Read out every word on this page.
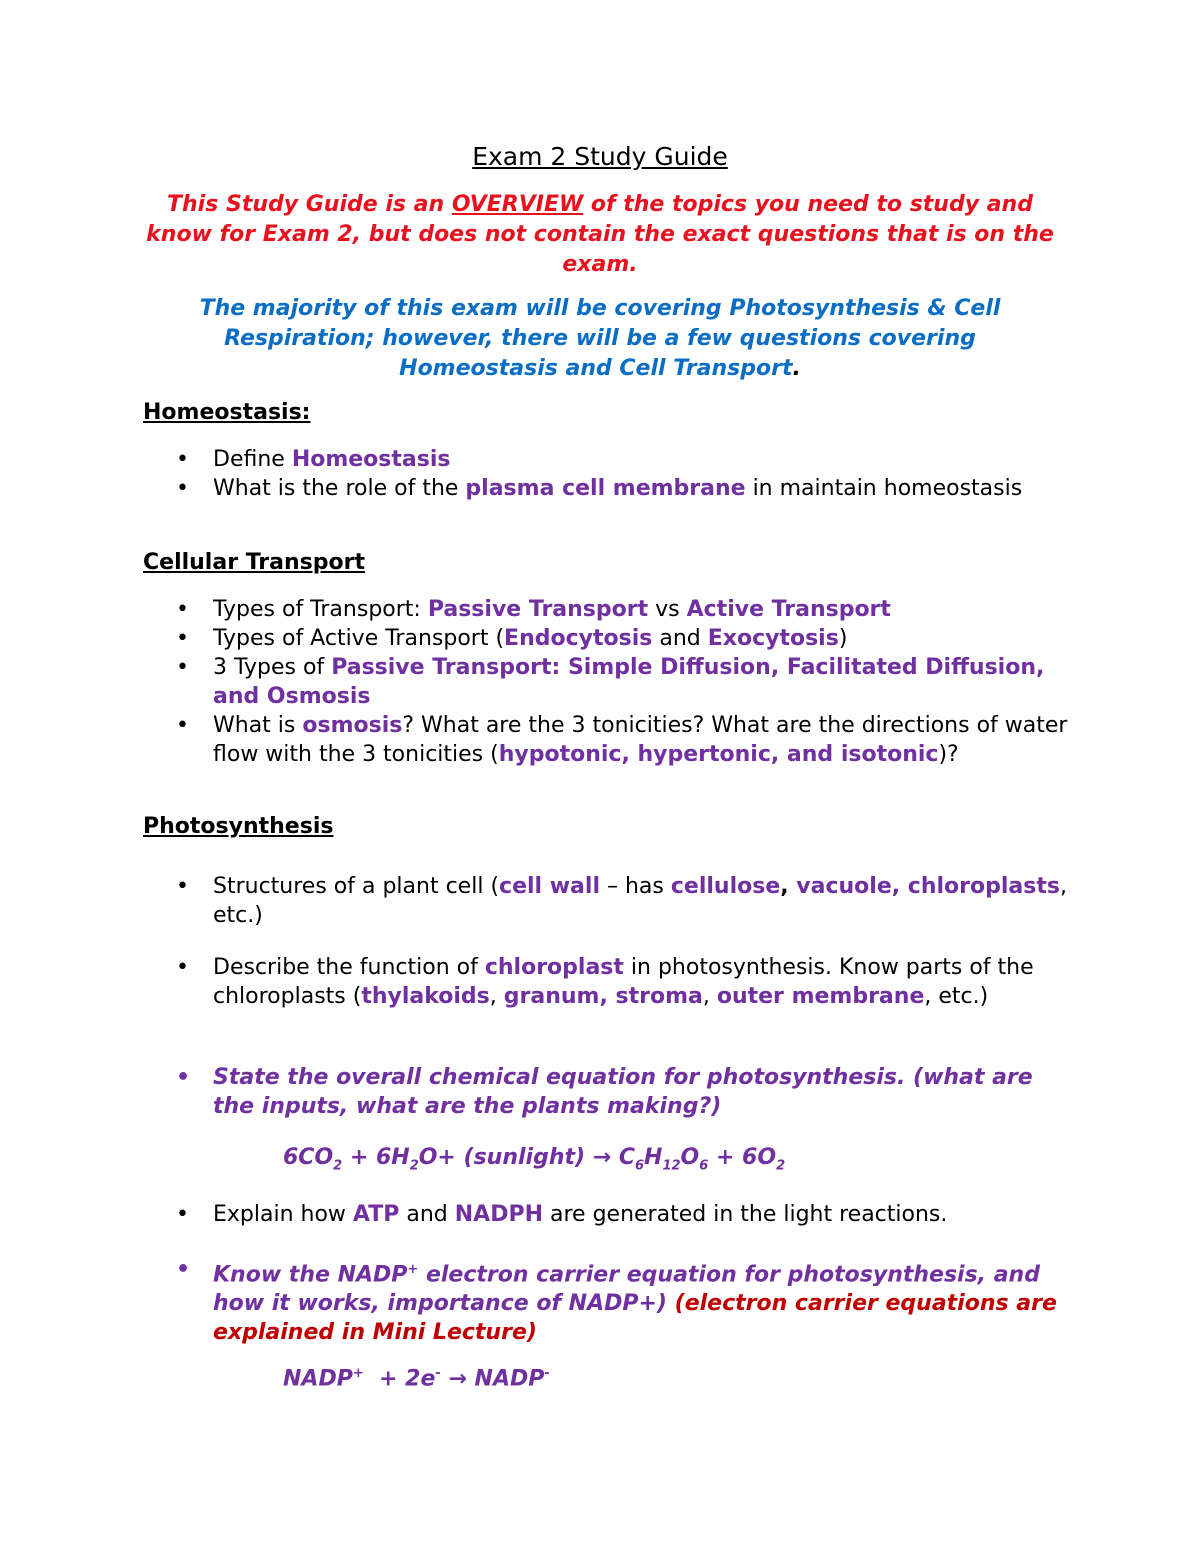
Exam 2 Study Guide
This Study Guide is an OVERVIEW of the topics you need to study and know for Exam 2, but does not contain the exact questions that is on the exam.
The majority of this exam will be covering Photosynthesis & Cell Respiration; however, there will be a few questions covering Homeostasis and Cell Transport.
Homeostasis:
• Define Homeostasis
• What is the role of the plasma cell membrane in maintain homeostasis
Cellular Transport
• Types of Transport: Passive Transport vs Active Transport
• Types of Active Transport (Endocytosis and Exocytosis)
• 3 Types of Passive Transport: Simple Diffusion, Facilitated Diffusion, and Osmosis
• What is osmosis? What are the 3 tonicities? What are the directions of water flow with the 3 tonicities (hypotonic, hypertonic, and isotonic)?
Photosynthesis
• Structures of a plant cell (cell wall – has cellulose, vacuole, chloroplasts, etc.)
• Describe the function of chloroplast in photosynthesis. Know parts of the chloroplasts (thylakoids, granum, stroma, outer membrane, etc.)
• State the overall chemical equation for photosynthesis. (what are the inputs, what are the plants making?)
$6CO_2 + 6H_2O+$ (sunlight) → $C_6H_{12}O_6 + 6O_2$
• Explain how ATP and NADPH are generated in the light reactions.
• Know the NADP+ electron carrier equation for photosynthesis, and how it works, importance of NADP+) (electron carrier equations are explained in Mini Lecture)
NADP+  + 2e- → NADP-
